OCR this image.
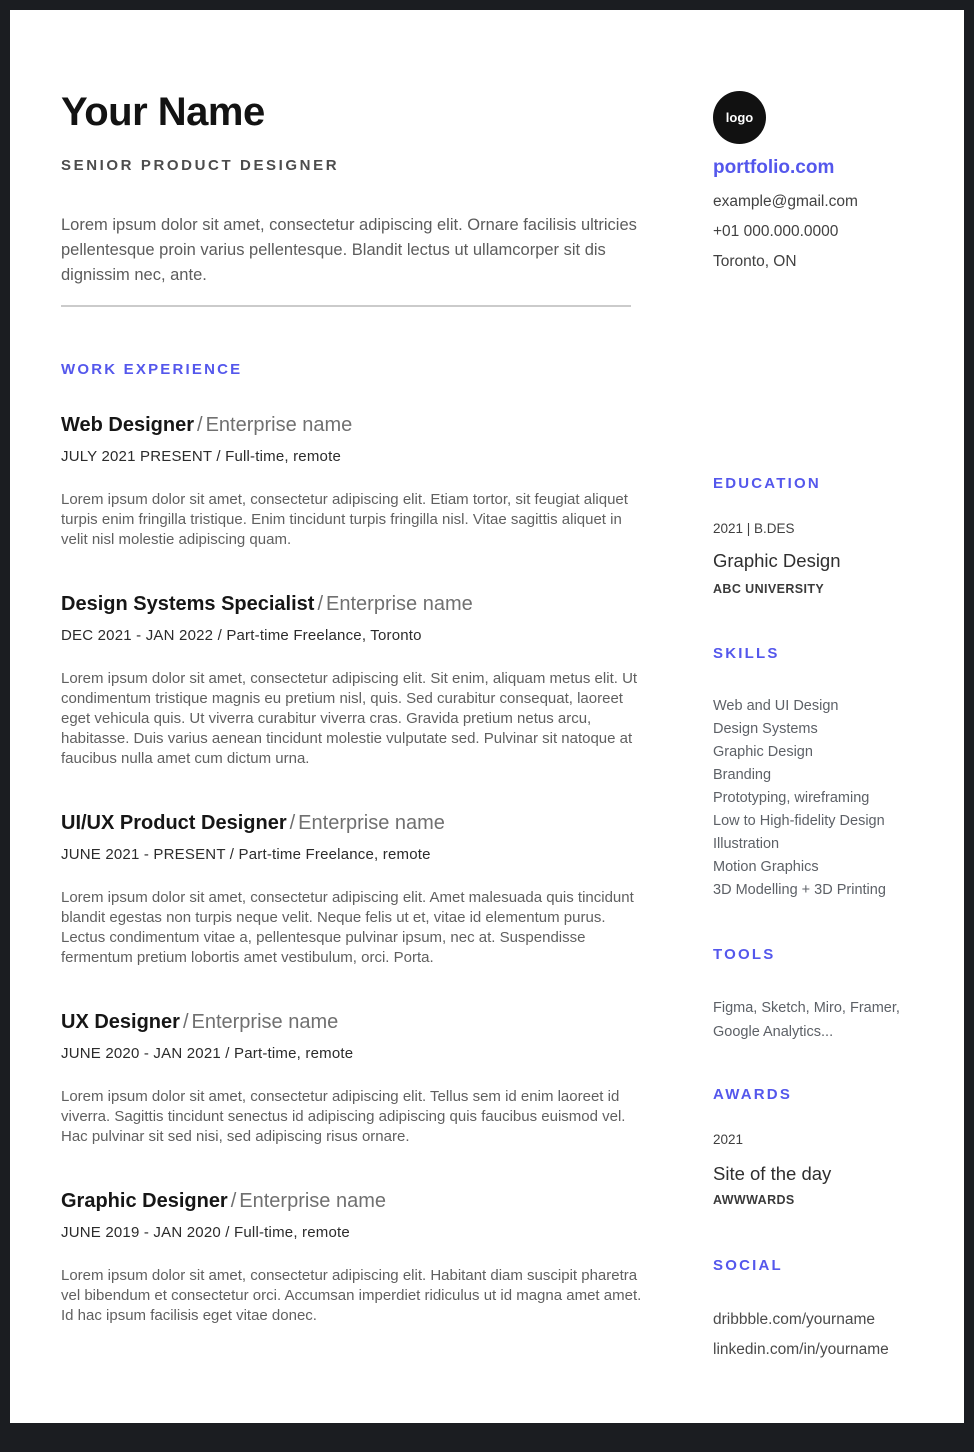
Your Name

SENIOR PRODUCT DESIGNER

Lorem ipsum dolor sit amet, consectetur adipiscing elit. Ornare facilisis ultricies pellentesque proin varius pellentesque. Blandit lectus ut ullamcorper sit dis dignissim nec, ante.

WORK EXPERIENCE
Web Designer / Enterprise name

JULY 2021 PRESENT / Full-time, remote

Lorem ipsum dolor sit amet, consectetur adipiscing elit. Etiam tortor, sit feugiat aliquet turpis enim fringilla tristique. Enim tincidunt turpis fringilla nisl. Vitae sagittis aliquet in velit nisl molestie adipiscing quam.

Design Systems Specialist / Enterprise name

DEC 2021 - JAN 2022 / Part-time Freelance, Toronto

Lorem ipsum dolor sit amet, consectetur adipiscing elit. Sit enim, aliquam metus elit. Ut condimentum tristique magnis eu pretium nisl, quis. Sed curabitur consequat, laoreet eget vehicula quis. Ut viverra curabitur viverra cras. Gravida pretium netus arcu, habitasse. Duis varius aenean tincidunt molestie vulputate sed. Pulvinar sit natoque at faucibus nulla amet cum dictum urna.

UI/UX Product Designer / Enterprise name

JUNE 2021 - PRESENT / Part-time Freelance, remote

Lorem ipsum dolor sit amet, consectetur adipiscing elit. Amet malesuada quis tincidunt blandit egestas non turpis neque velit. Neque felis ut et, vitae id elementum purus. Lectus condimentum vitae a, pellentesque pulvinar ipsum, nec at. Suspendisse fermentum pretium lobortis amet vestibulum, orci. Porta.

UX Designer / Enterprise name

JUNE 2020 - JAN 2021 / Part-time, remote

Lorem ipsum dolor sit amet, consectetur adipiscing elit. Tellus sem id enim laoreet id viverra. Sagittis tincidunt senectus id adipiscing adipiscing quis faucibus euismod vel. Hac pulvinar sit sed nisi, sed adipiscing risus ornare.

Graphic Designer / Enterprise name

JUNE 2019 - JAN 2020 / Full-time, remote

Lorem ipsum dolor sit amet, consectetur adipiscing elit. Habitant diam suscipit pharetra vel bibendum et consectetur orci. Accumsan imperdiet ridiculus ut id magna amet amet. Id hac ipsum facilisis eget vitae donec.

logo
portfolio.com
example@gmail.com
+01 000.000.0000
Toronto, ON
EDUCATION

2021 | B.DES

Graphic Design

ABC UNIVERSITY

SKILLS
Web and UI Design
Design Systems
Graphic Design
Branding
Prototyping, wireframing
Low to High-fidelity Design
Illustration
Motion Graphics
3D Modelling + 3D Printing
TOOLS

Figma, Sketch, Miro, Framer, Google Analytics...

AWARDS

2021

Site of the day

AWWWARDS

SOCIAL
dribbble.com/yourname
linkedin.com/in/yourname
